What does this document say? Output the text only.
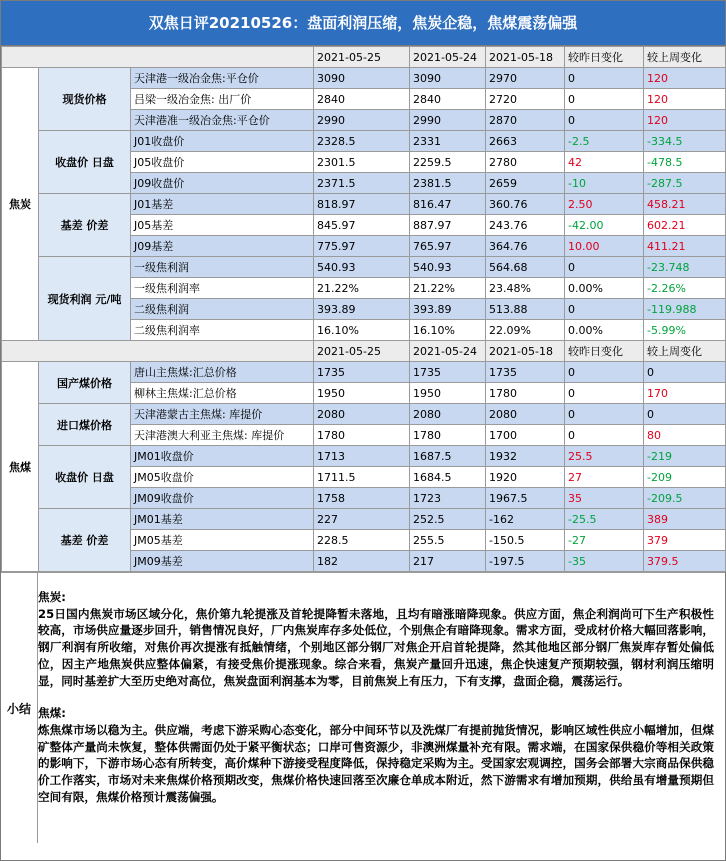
双焦日评20210526：盘面利润压缩，焦炭企稳，焦煤震荡偏强
			2021-05-25	2021-05-24	2021-05-18	较昨日变化	较上周变化
焦炭	现货价格	天津港一级冶金焦:平仓价	3090	3090	2970	0	120
		吕梁一级冶金焦: 出厂价	2840	2840	2720	0	120
		天津港准一级冶金焦:平仓价	2990	2990	2870	0	120
	收盘价 日盘	J01收盘价	2328.5	2331	2663	-2.5	-334.5
		J05收盘价	2301.5	2259.5	2780	42	-478.5
		J09收盘价	2371.5	2381.5	2659	-10	-287.5
	基差 价差	J01基差	818.97	816.47	360.76	2.50	458.21
		J05基差	845.97	887.97	243.76	-42.00	602.21
		J09基差	775.97	765.97	364.76	10.00	411.21
	现货利润 元/吨	一级焦利润	540.93	540.93	564.68	0	-23.748
		一级焦利润率	21.22%	21.22%	23.48%	0.00%	-2.26%
		二级焦利润	393.89	393.89	513.88	0	-119.988
		二级焦利润率	16.10%	16.10%	22.09%	0.00%	-5.99%
			2021-05-25	2021-05-24	2021-05-18	较昨日变化	较上周变化
焦煤	国产煤价格	唐山主焦煤:汇总价格	1735	1735	1735	0	0
		柳林主焦煤:汇总价格	1950	1950	1780	0	170
	进口煤价格	天津港蒙古主焦煤: 库提价	2080	2080	2080	0	0
		天津港澳大利亚主焦煤: 库提价	1780	1780	1700	0	80
	收盘价 日盘	JM01收盘价	1713	1687.5	1932	25.5	-219
		JM05收盘价	1711.5	1684.5	1920	27	-209
		JM09收盘价	1758	1723	1967.5	35	-209.5
	基差 价差	JM01基差	227	252.5	-162	-25.5	389
		JM05基差	228.5	255.5	-150.5	-27	379
		JM09基差	182	217	-197.5	-35	379.5
小结

焦炭:

25日国内焦炭市场区域分化，焦价第九轮提涨及首轮提降暂未落地，且均有暗涨暗降现象。供应方面，焦企利润尚可下生产积极性较高，市场供应量逐步回升，销售情况良好，厂内焦炭库存多处低位，个别焦企有暗降现象。需求方面，受成材价格大幅回落影响，钢厂利润有所收缩，对焦价再次提涨有抵触情绪，个别地区部分钢厂对焦企开启首轮提降，然其他地区部分钢厂焦炭库存暂处偏低位，因主产地焦炭供应整体偏紧，有接受焦价提涨现象。综合来看，焦炭产量回升迅速，焦企快速复产预期较强，钢材利润压缩明显，同时基差扩大至历史绝对高位，焦炭盘面利润基本为零，目前焦炭上有压力，下有支撑，盘面企稳，震荡运行。

焦煤:

炼焦煤市场以稳为主。供应端，考虑下游采购心态变化，部分中间环节以及洗煤厂有提前抛货情况，影响区域性供应小幅增加，但煤矿整体产量尚未恢复，整体供需面仍处于紧平衡状态；口岸可售资源少，非澳洲煤量补充有限。需求端，在国家保供稳价等相关政策的影响下，下游市场心态有所转变，高价煤种下游接受程度降低，保持稳定采购为主。受国家宏观调控，国务会部署大宗商品保供稳价工作落实，市场对未来焦煤价格预期改变，焦煤价格快速回落至次廉仓单成本附近，然下游需求有增加预期，供给虽有增量预期但空间有限，焦煤价格预计震荡偏强。
